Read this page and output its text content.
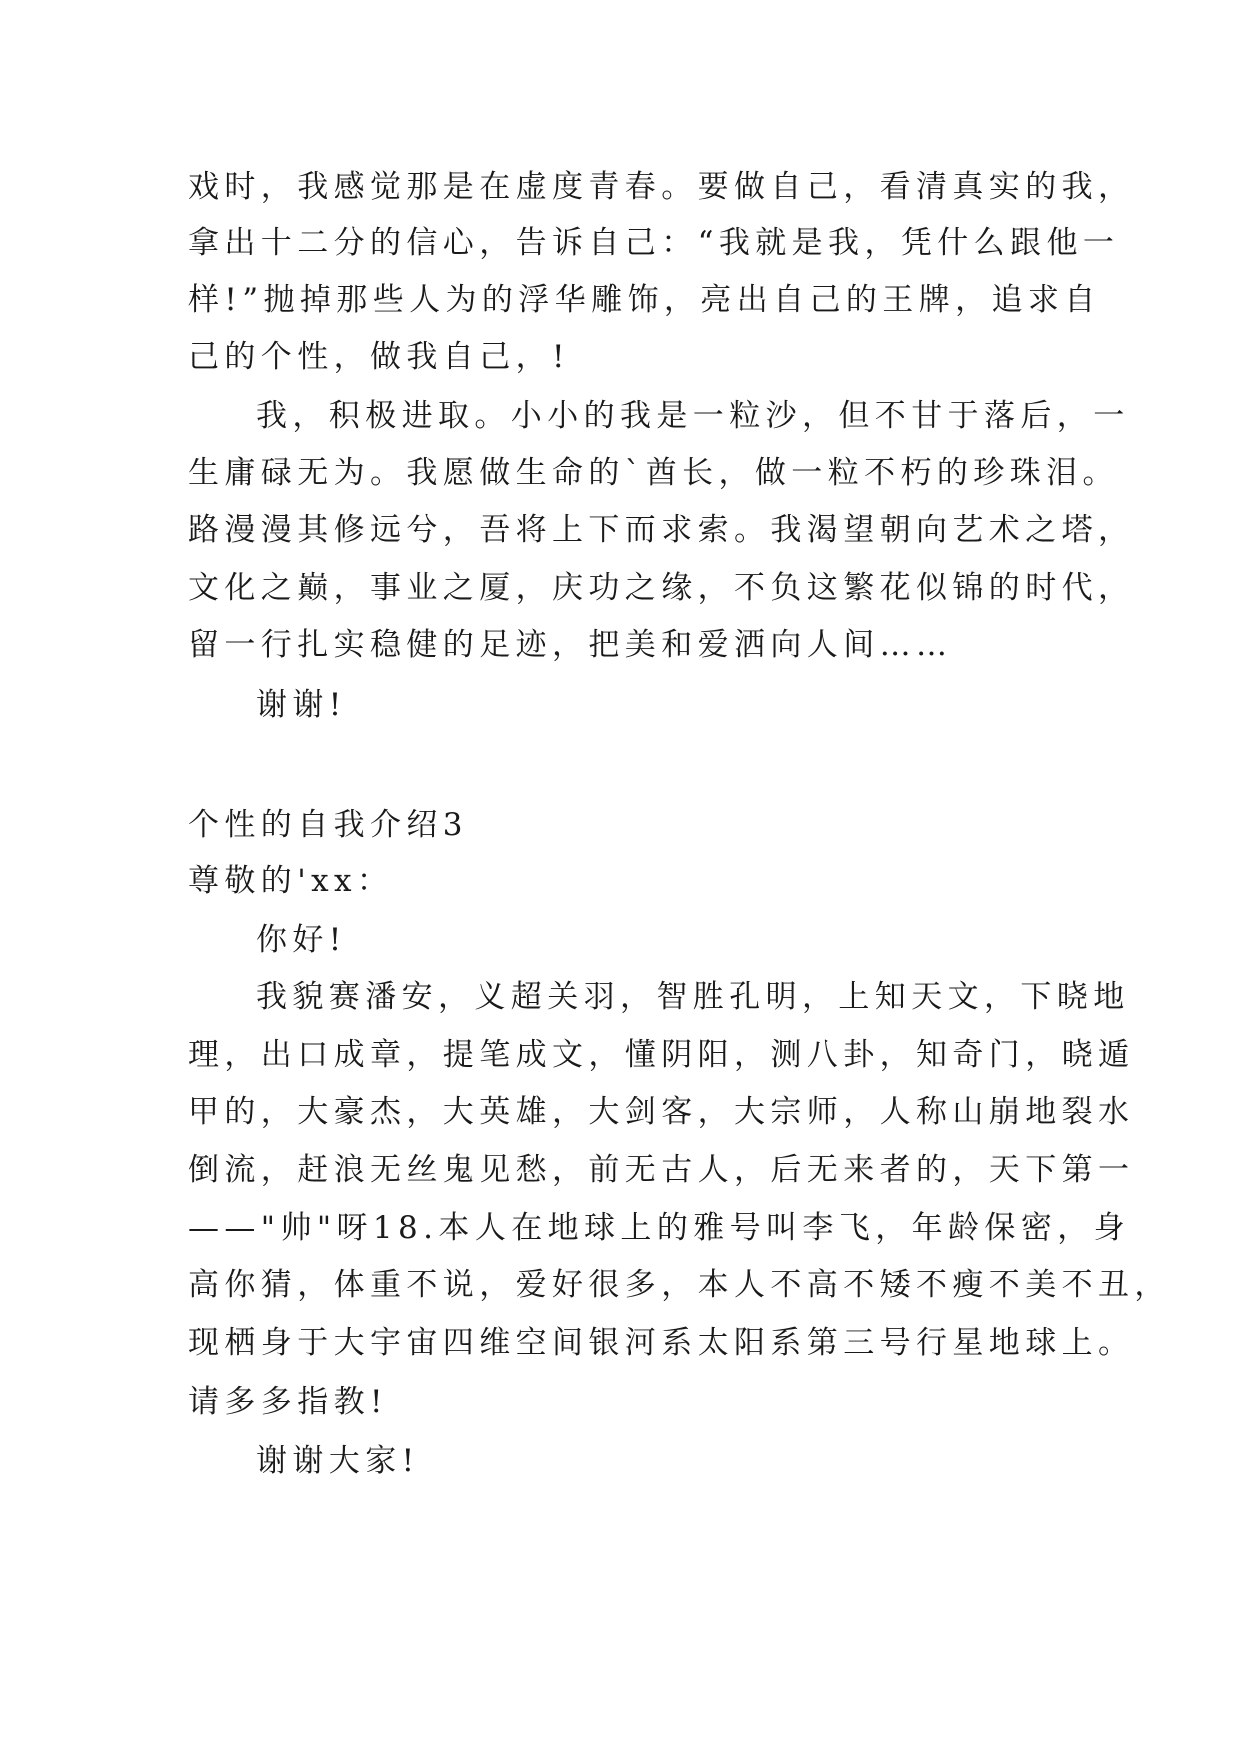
戏时，我感觉那是在虚度青春。要做自己，看清真实的我，
拿出十二分的信心，告诉自己：“我就是我，凭什么跟他一
样!”抛掉那些人为的浮华雕饰，亮出自己的王牌，追求自
己的个性，做我自己，!
我，积极进取。小小的我是一粒沙，但不甘于落后，一
生庸碌无为。我愿做生命的`酋长，做一粒不朽的珍珠泪。
路漫漫其修远兮，吾将上下而求索。我渴望朝向艺术之塔，
文化之巅，事业之厦，庆功之缘，不负这繁花似锦的时代，
留一行扎实稳健的足迹，把美和爱洒向人间……
谢谢!
个性的自我介绍3
尊敬的'xx：
你好!
我貌赛潘安，义超关羽，智胜孔明，上知天文，下晓地
理，出口成章，提笔成文，懂阴阳，测八卦，知奇门，晓遁
甲的，大豪杰，大英雄，大剑客，大宗师，人称山崩地裂水
倒流，赶浪无丝鬼见愁，前无古人，后无来者的，天下第一
——"帅"呀18.本人在地球上的雅号叫李飞，年龄保密，身
高你猜，体重不说，爱好很多，本人不高不矮不瘦不美不丑，
现栖身于大宇宙四维空间银河系太阳系第三号行星地球上。
请多多指教!
谢谢大家!
